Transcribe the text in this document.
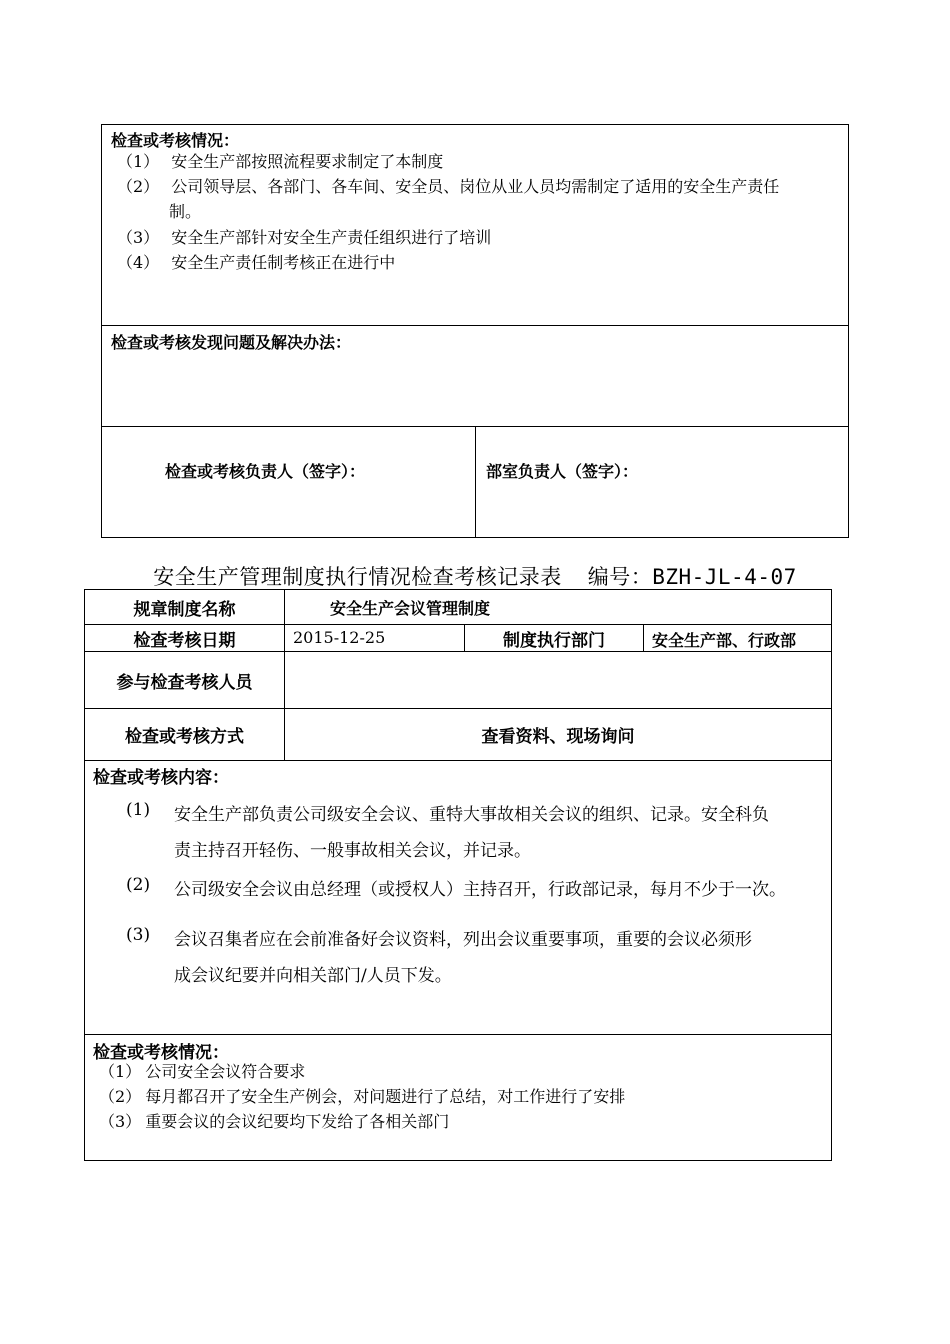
检查或考核情况：
（1） 安全生产部按照流程要求制定了本制度
（2） 公司领导层、各部门、各车间、安全员、岗位从业人员均需制定了适用的安全生产责任
制。
（3） 安全生产部针对安全生产责任组织进行了培训
（4） 安全生产责任制考核正在进行中
检查或考核发现问题及解决办法：
检查或考核负责人（签字）：	部室负责人（签字）：
安全生产管理制度执行情况检查考核记录表 编号：BZH-JL-4-07
规章制度名称	安全生产会议管理制度
检查考核日期	2015-12-25	制度执行部门	安全生产部、行政部
参与检查考核人员
检查或考核方式	查看资料、现场询问
检查或考核内容：
(1) 安全生产部负责公司级安全会议、重特大事故相关会议的组织、记录。安全科负
责主持召开轻伤、一般事故相关会议，并记录。
(2) 公司级安全会议由总经理（或授权人）主持召开，行政部记录，每月不少于一次。
(3) 会议召集者应在会前准备好会议资料，列出会议重要事项，重要的会议必须形
成会议纪要并向相关部门/人员下发。
检查或考核情况：
（1） 公司安全会议符合要求
（2） 每月都召开了安全生产例会，对问题进行了总结，对工作进行了安排
（3） 重要会议的会议纪要均下发给了各相关部门
